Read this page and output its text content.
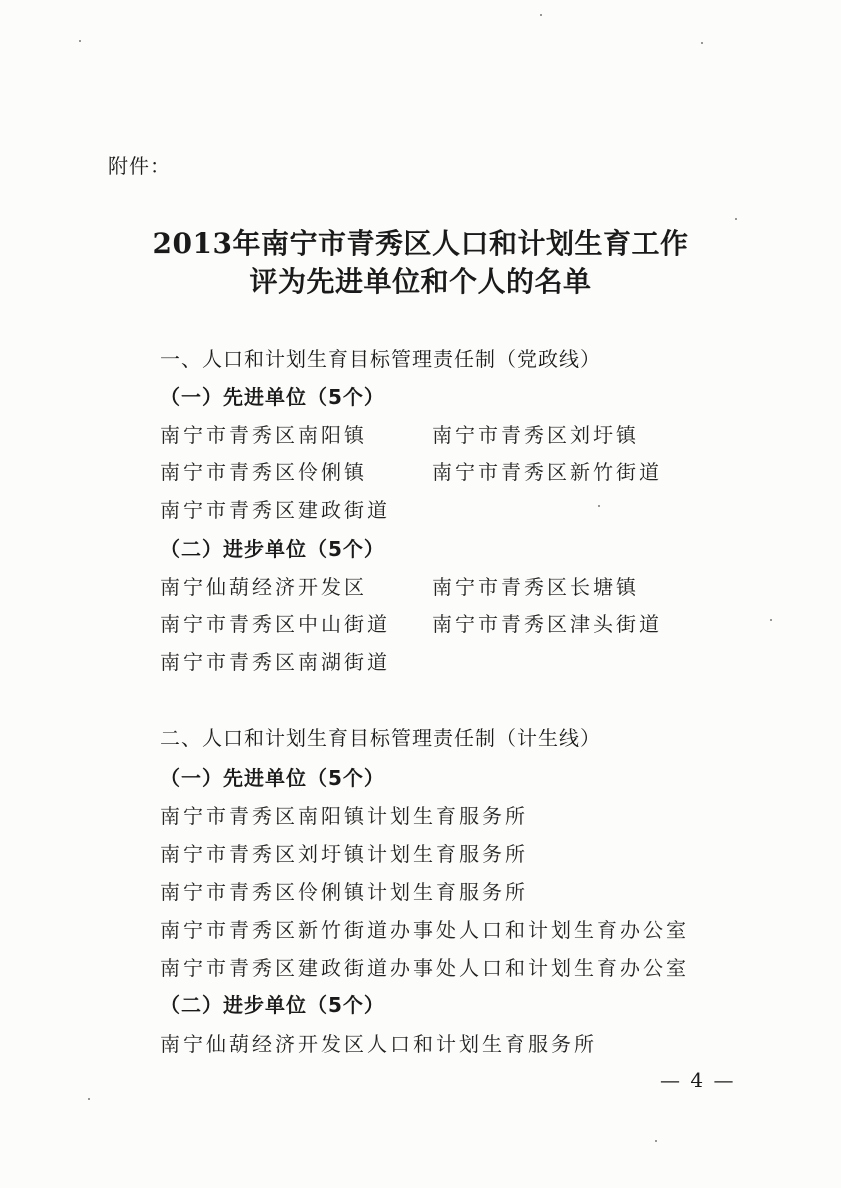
附件：
2013年南宁市青秀区人口和计划生育工作
评为先进单位和个人的名单
一、人口和计划生育目标管理责任制（党政线）
（一）先进单位（5个）
南宁市青秀区南阳镇	南宁市青秀区刘圩镇
南宁市青秀区伶俐镇	南宁市青秀区新竹街道
南宁市青秀区建政街道
（二）进步单位（5个）
南宁仙葫经济开发区	南宁市青秀区长塘镇
南宁市青秀区中山街道 南宁市青秀区津头街道
南宁市青秀区南湖街道
二、人口和计划生育目标管理责任制（计生线）
（一）先进单位（5个）
南宁市青秀区南阳镇计划生育服务所
南宁市青秀区刘圩镇计划生育服务所
南宁市青秀区伶俐镇计划生育服务所
南宁市青秀区新竹街道办事处人口和计划生育办公室
南宁市青秀区建政街道办事处人口和计划生育办公室
（二）进步单位（5个）
南宁仙葫经济开发区人口和计划生育服务所
— 4 —
